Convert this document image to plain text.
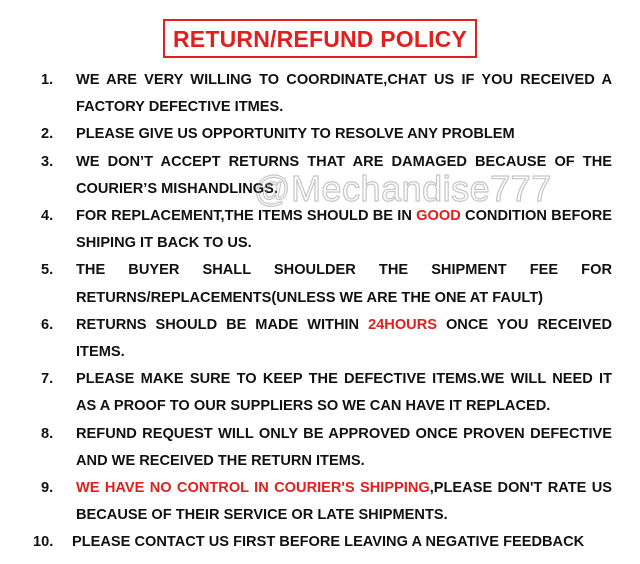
RETURN/REFUND POLICY
1. WE ARE VERY WILLING TO COORDINATE,CHAT US IF YOU RECEIVED A FACTORY DEFECTIVE ITMES.
2. PLEASE GIVE US OPPORTUNITY TO RESOLVE ANY PROBLEM
3. WE DON’T ACCEPT RETURNS THAT ARE DAMAGED BECAUSE OF THE COURIER’S MISHANDLINGS.
4. FOR REPLACEMENT,THE ITEMS SHOULD BE IN GOOD CONDITION BEFORE SHIPING IT BACK TO US.
5. THE BUYER SHALL SHOULDER THE SHIPMENT FEE FOR RETURNS/REPLACEMENTS(UNLESS WE ARE THE ONE AT FAULT)
6. RETURNS SHOULD BE MADE WITHIN 24HOURS ONCE YOU RECEIVED ITEMS.
7. PLEASE MAKE SURE TO KEEP THE DEFECTIVE ITEMS.WE WILL NEED IT AS A PROOF TO OUR SUPPLIERS SO WE CAN HAVE IT REPLACED.
8. REFUND REQUEST WILL ONLY BE APPROVED ONCE PROVEN DEFECTIVE AND WE RECEIVED THE RETURN ITEMS.
9. WE HAVE NO CONTROL IN COURIER'S SHIPPING,PLEASE DON'T RATE US BECAUSE OF THEIR SERVICE OR LATE SHIPMENTS.
10. PLEASE CONTACT US FIRST BEFORE LEAVING A NEGATIVE FEEDBACK
@Mechandise777
